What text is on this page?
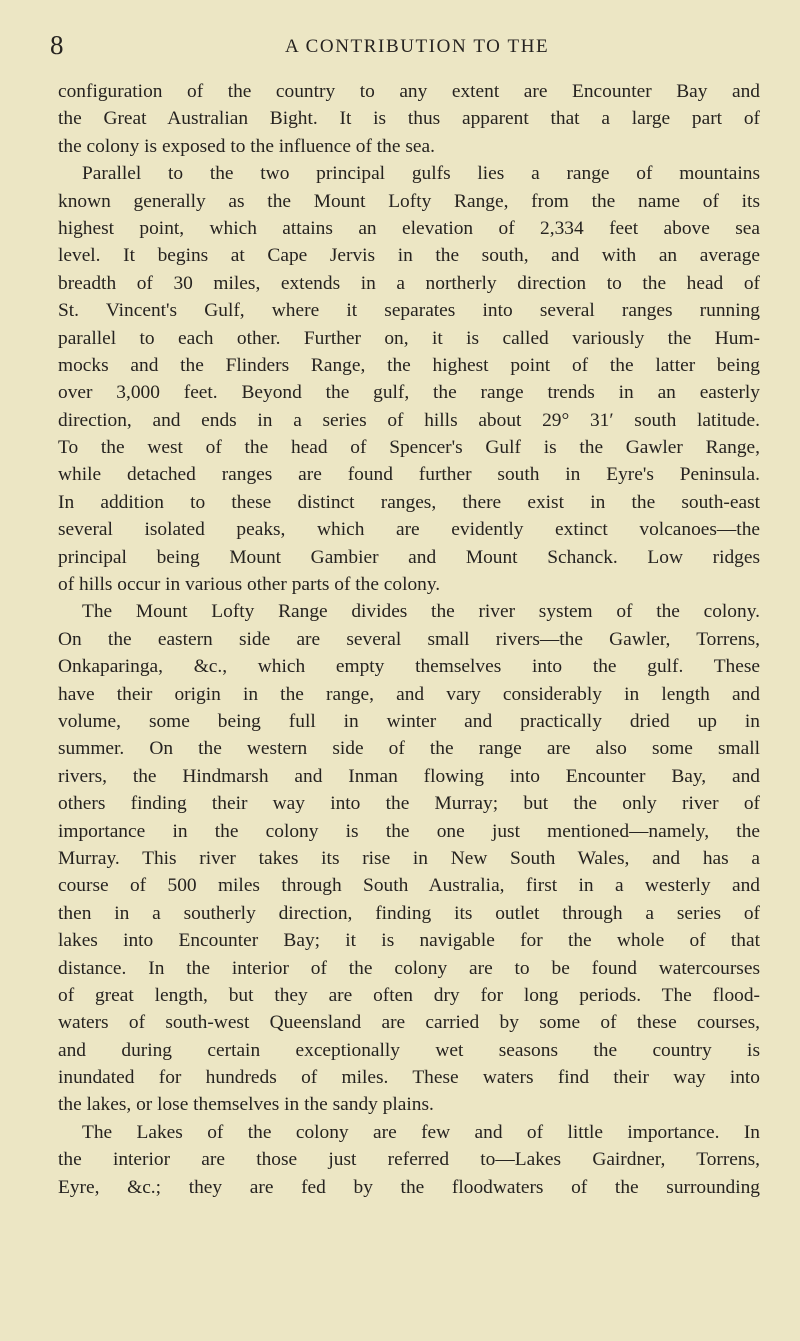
8	A CONTRIBUTION TO THE
configuration of the country to any extent are Encounter Bay and
the Great Australian Bight. It is thus apparent that a large part of
the colony is exposed to the influence of the sea.
Parallel to the two principal gulfs lies a range of mountains
known generally as the Mount Lofty Range, from the name of its
highest point, which attains an elevation of 2,334 feet above sea
level. It begins at Cape Jervis in the south, and with an average
breadth of 30 miles, extends in a northerly direction to the head of
St. Vincent's Gulf, where it separates into several ranges running
parallel to each other. Further on, it is called variously the Hum-
mocks and the Flinders Range, the highest point of the latter being
over 3,000 feet. Beyond the gulf, the range trends in an easterly
direction, and ends in a series of hills about 29° 31′ south latitude.
To the west of the head of Spencer's Gulf is the Gawler Range,
while detached ranges are found further south in Eyre's Peninsula.
In addition to these distinct ranges, there exist in the south-east
several isolated peaks, which are evidently extinct volcanoes—the
principal being Mount Gambier and Mount Schanck. Low ridges
of hills occur in various other parts of the colony.
The Mount Lofty Range divides the river system of the colony.
On the eastern side are several small rivers—the Gawler, Torrens,
Onkaparinga, &c., which empty themselves into the gulf. These
have their origin in the range, and vary considerably in length and
volume, some being full in winter and practically dried up in
summer. On the western side of the range are also some small
rivers, the Hindmarsh and Inman flowing into Encounter Bay, and
others finding their way into the Murray; but the only river of
importance in the colony is the one just mentioned—namely, the
Murray. This river takes its rise in New South Wales, and has a
course of 500 miles through South Australia, first in a westerly and
then in a southerly direction, finding its outlet through a series of
lakes into Encounter Bay; it is navigable for the whole of that
distance. In the interior of the colony are to be found watercourses
of great length, but they are often dry for long periods. The flood-
waters of south-west Queensland are carried by some of these courses,
and during certain exceptionally wet seasons the country is
inundated for hundreds of miles. These waters find their way into
the lakes, or lose themselves in the sandy plains.
The Lakes of the colony are few and of little importance. In
the interior are those just referred to—Lakes Gairdner, Torrens,
Eyre, &c.; they are fed by the floodwaters of the surrounding
